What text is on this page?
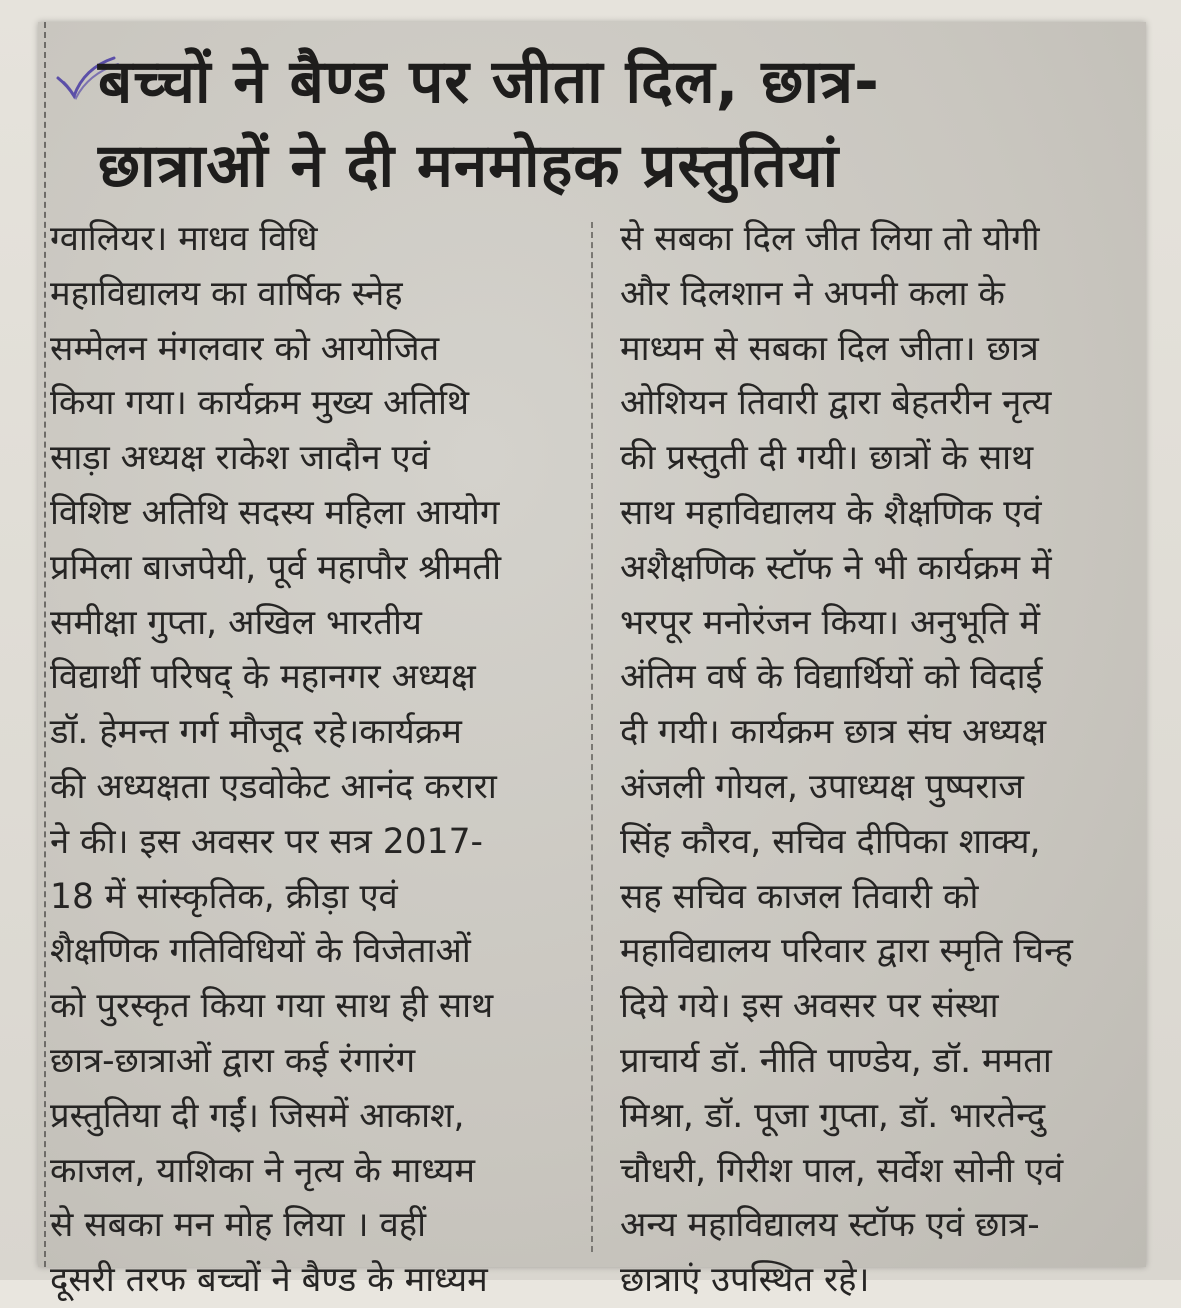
बच्चों ने बैण्ड पर जीता दिल, छात्र-
छात्राओं ने दी मनमोहक प्रस्तुतियां

ग्वालियर। माधव विधि
महाविद्यालय का वार्षिक स्नेह
सम्मेलन मंगलवार को आयोजित
किया गया। कार्यक्रम मुख्य अतिथि
साड़ा अध्यक्ष राकेश जादौन एवं
विशिष्ट अतिथि सदस्य महिला आयोग
प्रमिला बाजपेयी, पूर्व महापौर श्रीमती
समीक्षा गुप्ता, अखिल भारतीय
विद्यार्थी परिषद् के महानगर अध्यक्ष
डॉ. हेमन्त गर्ग मौजूद रहे।कार्यक्रम
की अध्यक्षता एडवोकेट आनंद करारा
ने की। इस अवसर पर सत्र 2017-
18 में सांस्कृतिक, क्रीड़ा एवं
शैक्षणिक गतिविधियों के विजेताओं
को पुरस्कृत किया गया साथ ही साथ
छात्र-छात्राओं द्वारा कई रंगारंग
प्रस्तुतिया दी गईं। जिसमें आकाश,
काजल, याशिका ने नृत्य के माध्यम
से सबका मन मोह लिया । वहीं
दूसरी तरफ बच्चों ने बैण्ड के माध्यम

से सबका दिल जीत लिया तो योगी
और दिलशान ने अपनी कला के
माध्यम से सबका दिल जीता। छात्र
ओशियन तिवारी द्वारा बेहतरीन नृत्य
की प्रस्तुती दी गयी। छात्रों के साथ
साथ महाविद्यालय के शैक्षणिक एवं
अशैक्षणिक स्टॉफ ने भी कार्यक्रम में
भरपूर मनोरंजन किया। अनुभूति में
अंतिम वर्ष के विद्यार्थियों को विदाई
दी गयी। कार्यक्रम छात्र संघ अध्यक्ष
अंजली गोयल, उपाध्यक्ष पुष्पराज
सिंह कौरव, सचिव दीपिका शाक्य,
सह सचिव काजल तिवारी को
महाविद्यालय परिवार द्वारा स्मृति चिन्ह
दिये गये। इस अवसर पर संस्था
प्राचार्य डॉ. नीति पाण्डेय, डॉ. ममता
मिश्रा, डॉ. पूजा गुप्ता, डॉ. भारतेन्दु
चौधरी, गिरीश पाल, सर्वेश सोनी एवं
अन्य महाविद्यालय स्टॉफ एवं छात्र-
छात्राएं उपस्थित रहे।
